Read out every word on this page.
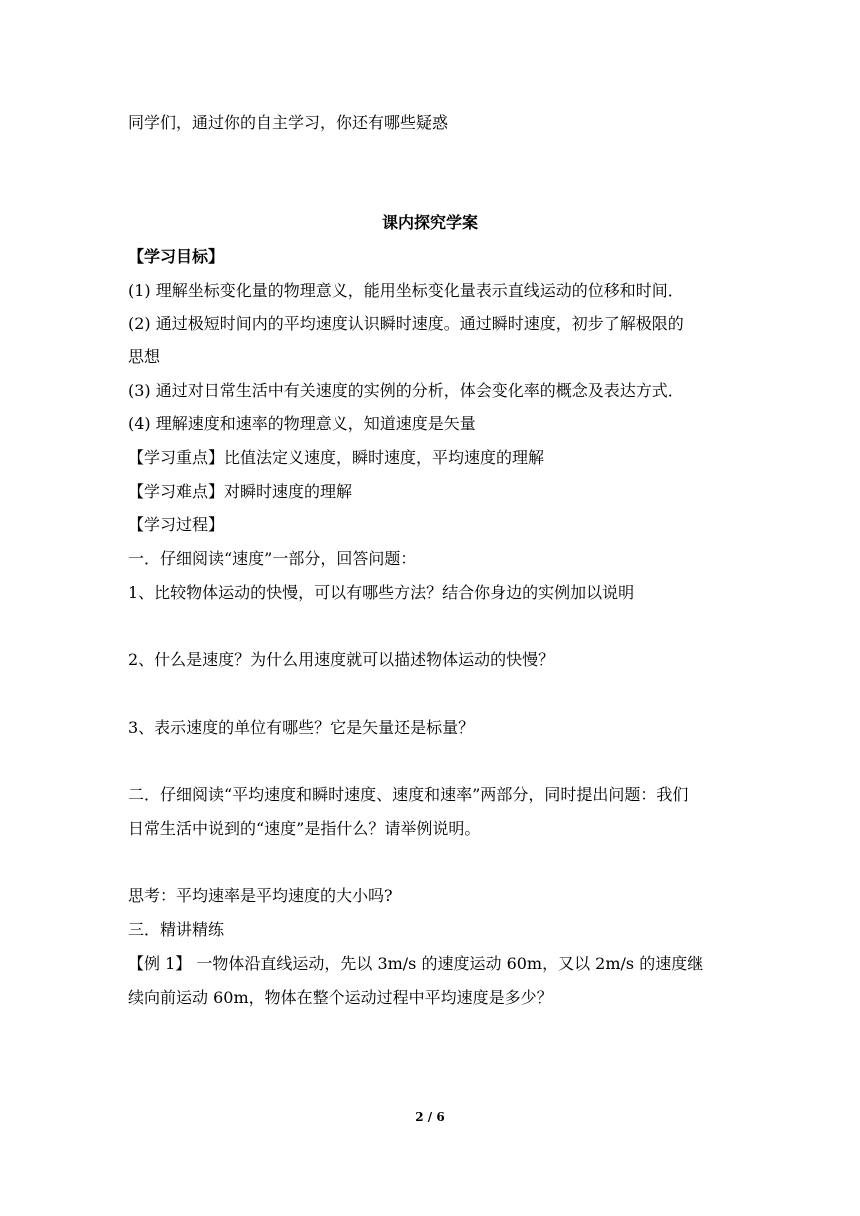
同学们，通过你的自主学习，你还有哪些疑惑
课内探究学案
【学习目标】
(1) 理解坐标变化量的物理意义，能用坐标变化量表示直线运动的位移和时间．
(2) 通过极短时间内的平均速度认识瞬时速度。通过瞬时速度，初步了解极限的
思想
(3) 通过对日常生活中有关速度的实例的分析，体会变化率的概念及表达方式．
(4) 理解速度和速率的物理意义，知道速度是矢量
【学习重点】比值法定义速度，瞬时速度，平均速度的理解
【学习难点】对瞬时速度的理解
【学习过程】
一．仔细阅读“速度”一部分，回答问题：
1、比较物体运动的快慢，可以有哪些方法？结合你身边的实例加以说明
2、什么是速度？为什么用速度就可以描述物体运动的快慢？
3、表示速度的单位有哪些？它是矢量还是标量？
二．仔细阅读“平均速度和瞬时速度、速度和速率”两部分，同时提出问题：我们
日常生活中说到的“速度”是指什么？请举例说明。
思考：平均速率是平均速度的大小吗?
三．精讲精练
【例 1】 一物体沿直线运动，先以 3m/s 的速度运动 60m，又以 2m/s 的速度继
续向前运动 60m，物体在整个运动过程中平均速度是多少？
2 / 6
